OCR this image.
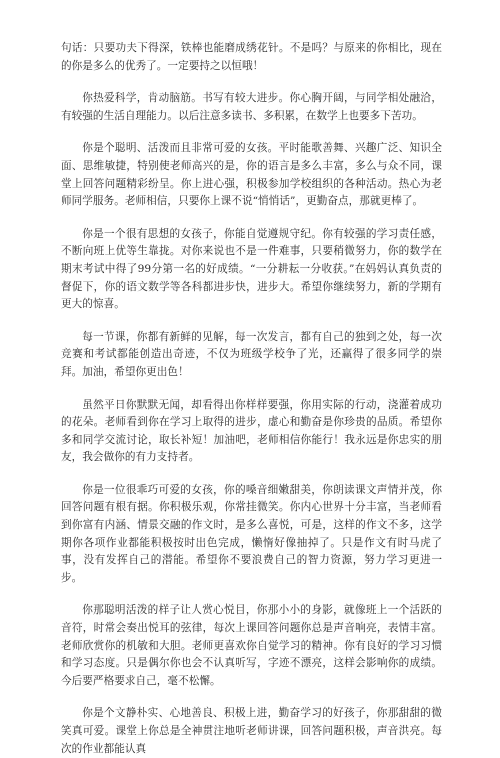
句话：只要功夫下得深，铁棒也能磨成绣花针。不是吗？与原来的你相比，现在的你是多么的优秀了。一定要持之以恒哦！

你热爱科学，肯动脑筋。书写有较大进步。你心胸开阔，与同学相处融洽，有较强的生活自理能力。以后注意多读书、多积累，在数学上也要多下苦功。

你是个聪明、活泼而且非常可爱的女孩。平时能歌善舞、兴趣广泛、知识全面、思维敏捷，特别使老师高兴的是，你的语言是多么丰富，多么与众不同，课堂上回答问题精彩纷呈。你上进心强，积极参加学校组织的各种活动。热心为老师同学服务。老师相信，只要你上课不说“悄悄话”，更勤奋点，那就更棒了。

你是一个很有思想的女孩子，你能自觉遵规守纪。你有较强的学习责任感，不断向班上优等生靠拢。对你来说也不是一件难事，只要稍微努力，你的数学在期末考试中得了99分第一名的好成绩。“一分耕耘一分收获。”在妈妈认真负责的督促下，你的语文数学等各科都进步快，进步大。希望你继续努力，新的学期有更大的惊喜。

每一节课，你都有新鲜的见解，每一次发言，都有自己的独到之处，每一次竞赛和考试都能创造出奇迹，不仅为班级学校争了光，还赢得了很多同学的崇拜。加油，希望你更出色！

虽然平日你默默无闻，却看得出你样样要强，你用实际的行动，浇灌着成功的花朵。老师看到你在学习上取得的进步，虚心和勤奋是你珍贵的品质。希望你多和同学交流讨论，取长补短！加油吧，老师相信你能行！我永远是你忠实的朋友，我会做你的有力支持者。

你是一位很乖巧可爱的女孩，你的嗓音细嫩甜美，你朗读课文声情并茂，你回答问题有根有据。你积极乐观，你常挂微笑。你内心世界十分丰富，当老师看到你富有内涵、情景交融的作文时，是多么喜悦，可是，这样的作文不多，这学期你各项作业都能积极按时出色完成，懒惰好像抽掉了。只是作文有时马虎了事，没有发挥自己的潜能。希望你不要浪费自己的智力资源，努力学习更进一步。

你那聪明活泼的样子让人赏心悦目，你那小小的身影，就像班上一个活跃的音符，时常会奏出悦耳的弦律，每次上课回答问题你总是声音响亮，表情丰富。老师欣赏你的机敏和大胆。老师更喜欢你自觉学习的精神。你有良好的学习习惯和学习态度。只是偶尔你也会不认真听写，字迹不漂亮，这样会影响你的成绩。今后要严格要求自己，毫不松懈。

你是个文静朴实、心地善良、积极上进，勤奋学习的好孩子，你那甜甜的微笑真可爱。课堂上你总是全神贯注地听老师讲课，回答问题积极，声音洪亮。每次的作业都能认真
